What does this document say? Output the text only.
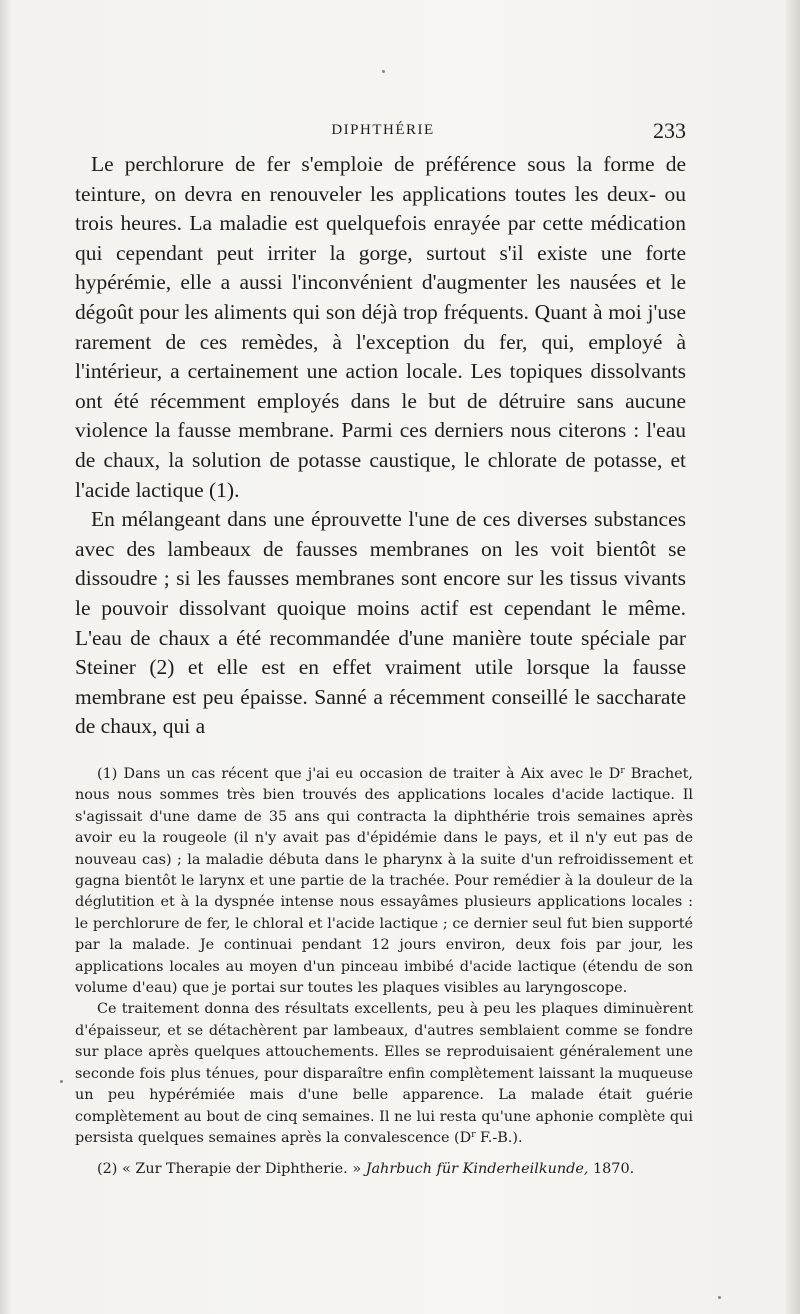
DIPHTHÉRIE	233

Le perchlorure de fer s'emploie de préférence sous la forme de teinture, on devra en renouveler les applications toutes les deux- ou trois heures. La maladie est quelquefois enrayée par cette médication qui cependant peut irriter la gorge, surtout s'il existe une forte hypérémie, elle a aussi l'inconvénient d'augmenter les nausées et le dégoût pour les aliments qui son déjà trop fréquents. Quant à moi j'use rarement de ces remèdes, à l'exception du fer, qui, employé à l'intérieur, a certainement une action locale. Les topiques dissolvants ont été récemment employés dans le but de détruire sans aucune violence la fausse membrane. Parmi ces derniers nous citerons : l'eau de chaux, la solution de potasse caustique, le chlorate de potasse, et l'acide lactique (1).

En mélangeant dans une éprouvette l'une de ces diverses substances avec des lambeaux de fausses membranes on les voit bientôt se dissoudre ; si les fausses membranes sont encore sur les tissus vivants le pouvoir dissolvant quoique moins actif est cependant le même. L'eau de chaux a été recommandée d'une manière toute spéciale par Steiner (2) et elle est en effet vraiment utile lorsque la fausse membrane est peu épaisse. Sanné a récemment conseillé le saccharate de chaux, qui a

(1) Dans un cas récent que j'ai eu occasion de traiter à Aix avec le $D^r$ Brachet, nous nous sommes très bien trouvés des applications locales d'acide lactique. Il s'agissait d'une dame de 35 ans qui contracta la diphthérie trois semaines après avoir eu la rougeole (il n'y avait pas d'épidémie dans le pays, et il n'y eut pas de nouveau cas) ; la maladie débuta dans le pharynx à la suite d'un refroidissement et gagna bientôt le larynx et une partie de la trachée. Pour remédier à la douleur de la déglutition et à la dyspnée intense nous essayâmes plusieurs applications locales : le perchlorure de fer, le chloral et l'acide lactique ; ce dernier seul fut bien supporté par la malade. Je continuai pendant 12 jours environ, deux fois par jour, les applications locales au moyen d'un pinceau imbibé d'acide lactique (étendu de son volume d'eau) que je portai sur toutes les plaques visibles au laryngoscope.

Ce traitement donna des résultats excellents, peu à peu les plaques diminuèrent d'épaisseur, et se détachèrent par lambeaux, d'autres semblaient comme se fondre sur place après quelques attouchements. Elles se reproduisaient généralement une seconde fois plus ténues, pour disparaître enfin complètement laissant la muqueuse un peu hypérémiée mais d'une belle apparence. La malade était guérie complètement au bout de cinq semaines. Il ne lui resta qu'une aphonie complète qui persista quelques semaines après la convalescence ($D^r$ F.-B.).

(2) « Zur Therapie der Diphtherie. » Jahrbuch für Kinderheilkunde, 1870.
